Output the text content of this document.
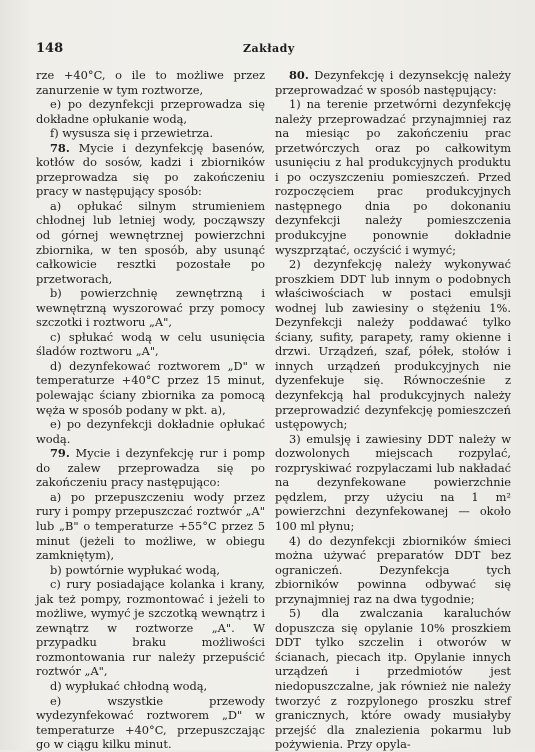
148	Zakłady

rze +40°C, o ile to możliwe przez zanurzenie w tym roztworze,

e) po dezynfekcji przeprowadza się dokładne opłukanie wodą,

f) wysusza się i przewietrza.

78. Mycie i dezynfekcję basenów, kotłów do sosów, kadzi i zbiorników przeprowadza się po zakończeniu pracy w następujący sposób:

a) opłukać silnym strumieniem chłodnej lub letniej wody, począwszy od górnej wewnętrznej powierzchni zbiornika, w ten sposób, aby usunąć całkowicie resztki pozostałe po przetworach,

b) powierzchnię zewnętrzną i wewnętrzną wyszorować przy pomocy szczotki i roztworu „A",

c) spłukać wodą w celu usunięcia śladów roztworu „A",

d) dezynfekować roztworem „D" w temperaturze +40°C przez 15 minut, polewając ściany zbiornika za pomocą węża w sposób podany w pkt. a),

e) po dezynfekcji dokładnie opłukać wodą.

79. Mycie i dezynfekcję rur i pomp do zalew przeprowadza się po zakończeniu pracy następująco:

a) po przepuszczeniu wody przez rury i pompy przepuszczać roztwór „A" lub „B" o temperaturze +55°C przez 5 minut (jeżeli to możliwe, w obiegu zamkniętym),

b) powtórnie wypłukać wodą,

c) rury posiadające kolanka i krany, jak też pompy, rozmontować i jeżeli to możliwe, wymyć je szczotką wewnątrz i zewnątrz w roztworze „A". W przypadku braku możliwości rozmontowania rur należy przepuścić roztwór „A",

d) wypłukać chłodną wodą,

e) wszystkie przewody wydezynfekować roztworem „D" w temperaturze +40°C, przepuszczając go w ciągu kilku minut.

80. Dezynfekcję i dezynsekcję należy przeprowadzać w sposób następujący:

1) na terenie przetwórni dezynfekcję należy przeprowadzać przynajmniej raz na miesiąc po zakończeniu prac przetwórczych oraz po całkowitym usunięciu z hal produkcyjnych produktu i po oczyszczeniu pomieszczeń. Przed rozpoczęciem prac produkcyjnych następnego dnia po dokonaniu dezynfekcji należy pomieszczenia produkcyjne ponownie dokładnie wyszprzątać, oczyścić i wymyć;

2) dezynfekcję należy wykonywać proszkiem DDT lub innym o podobnych właściwościach w postaci emulsji wodnej lub zawiesiny o stężeniu 1%. Dezynfekcji należy poddawać tylko ściany, sufity, parapety, ramy okienne i drzwi. Urządzeń, szaf, półek, stołów i innych urządzeń produkcyjnych nie dyzenfekuje się. Równocześnie z dezynfekcją hal produkcyjnych należy przeprowadzić dezynfekcję pomieszczeń ustępowych;

3) emulsję i zawiesiny DDT należy w dozwolonych miejscach rozpylać, rozpryskiwać rozpylaczami lub nakładać na dezynfekowane powierzchnie pędzlem, przy użyciu na 1 m² powierzchni dezynfekowanej — około 100 ml płynu;

4) do dezynfekcji zbiorników śmieci można używać preparatów DDT bez ograniczeń. Dezynfekcja tych zbiorników powinna odbywać się przynajmniej raz na dwa tygodnie;

5) dla zwalczania karaluchów dopuszcza się opylanie 10% proszkiem DDT tylko szczelin i otworów w ścianach, piecach itp. Opylanie innych urządzeń i przedmiotów jest niedopuszczalne, jak również nie należy tworzyć z rozpylonego proszku stref granicznych, które owady musiałyby przejść dla znalezienia pokarmu lub pożywienia. Przy opyla-
